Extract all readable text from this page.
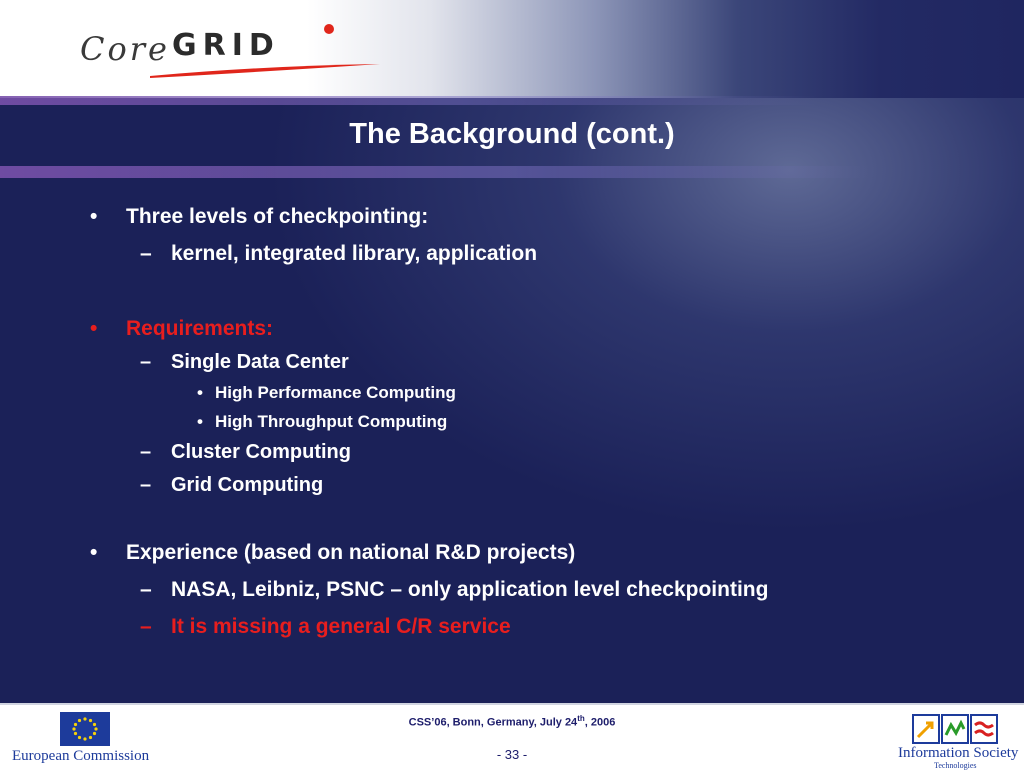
Core GRID
The Background (cont.)
• Three levels of checkpointing:
– kernel, integrated library, application
• Requirements:
– Single Data Center
• High Performance Computing
• High Throughput Computing
– Cluster Computing
– Grid Computing
• Experience (based on national R&D projects)
– NASA, Leibniz, PSNC – only application level checkpointing
– It is missing a general C/R service
European Commission
CSS’06, Bonn, Germany, July 24th, 2006
- 33 -	Information Society
Technologies
